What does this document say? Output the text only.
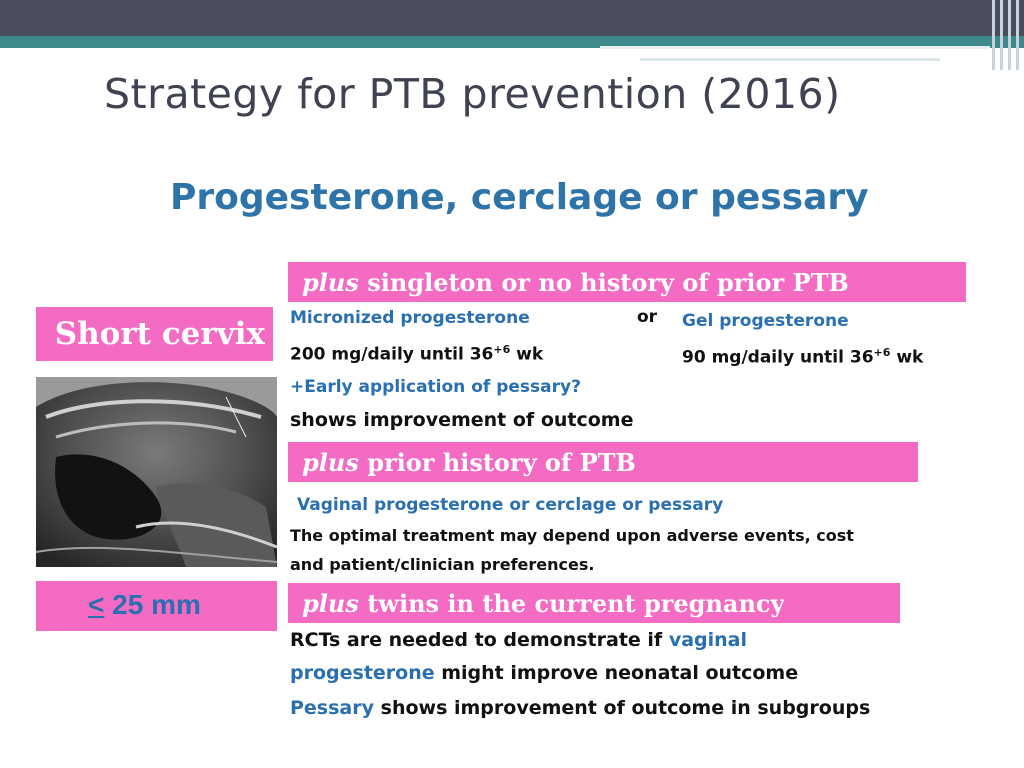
Strategy for PTB prevention (2016)
Progesterone, cerclage or pessary
Short cervix
≤ 25 mm
plus singleton or no history of prior PTB
Micronized progesterone	or
200 mg/daily until $36^{+6}$ wk
Gel progesterone
90 mg/daily until $36^{+6}$ wk
+Early application of pessary?
shows improvement of outcome
plus prior history of PTB
Vaginal progesterone or cerclage or pessary
The optimal treatment may depend upon adverse events, cost
and patient/clinician preferences.
plus twins in the current pregnancy
RCTs are needed to demonstrate if vaginal
progesterone might improve neonatal outcome
Pessary shows improvement of outcome in subgroups
